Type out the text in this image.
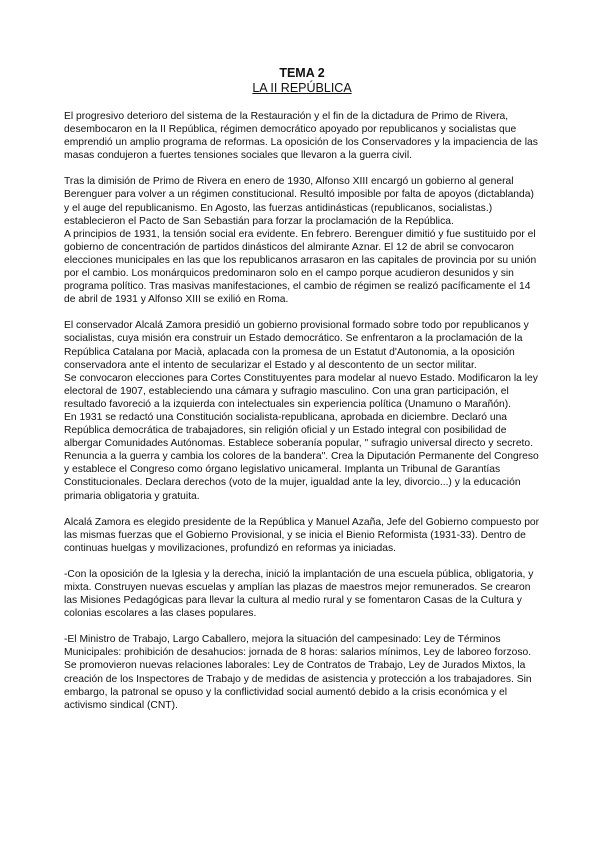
TEMA 2

LA II REPÚBLICA

El progresivo deterioro del sistema de la Restauración y el fin de la dictadura de Primo de Rivera, desembocaron en la II República, régimen democrático apoyado por republicanos y socialistas que emprendió un amplio programa de reformas. La oposición de los Conservadores y la impaciencia de las masas condujeron a fuertes tensiones sociales que llevaron a la guerra civil.

Tras la dimisión de Primo de Rivera en enero de 1930, Alfonso XIII encargó un gobierno al general Berenguer para volver a un régimen constitucional. Resultó imposible por falta de apoyos (dictablanda) y el auge del republicanismo. En Agosto, las fuerzas antidinásticas (republicanos, socialistas.) establecieron el Pacto de San Sebastián para forzar la proclamación de la República.

A principios de 1931, la tensión social era evidente. En febrero. Berenguer dimitió y fue sustituido por el gobierno de concentración de partidos dinásticos del almirante Aznar. El 12 de abril se convocaron elecciones municipales en las que los republicanos arrasaron en las capitales de provincia por su unión por el cambio. Los monárquicos predominaron solo en el campo porque acudieron desunidos y sin programa político. Tras masivas manifestaciones, el cambio de régimen se realizó pacíficamente el 14 de abril de 1931 y Alfonso XIII se exilió en Roma.

El conservador Alcalá Zamora presidió un gobierno provisional formado sobre todo por republicanos y socialistas, cuya misión era construir un Estado democrático. Se enfrentaron a la proclamación de la República Catalana por Macià, aplacada con la promesa de un Estatut d'Autonomia, a la oposición conservadora ante el intento de secularizar el Estado y al descontento de un sector militar.

Se convocaron elecciones para Cortes Constituyentes para modelar al nuevo Estado. Modificaron la ley electoral de 1907, estableciendo una cámara y sufragio masculino. Con una gran participación, el resultado favoreció a la izquierda con intelectuales sin experiencia política (Unamuno o Marañón).

En 1931 se redactó una Constitución socialista-republicana, aprobada en diciembre. Declaró una República democrática de trabajadores, sin religión oficial y un Estado integral con posibilidad de albergar Comunidades Autónomas. Establece soberanía popular, " sufragio universal directo y secreto. Renuncia a la guerra y cambia los colores de la bandera". Crea la Diputación Permanente del Congreso y establece el Congreso como órgano legislativo unicameral. Implanta un Tribunal de Garantías Constitucionales. Declara derechos (voto de la mujer, igualdad ante la ley, divorcio...) y la educación primaria obligatoria y gratuita.

Alcalá Zamora es elegido presidente de la República y Manuel Azaña, Jefe del Gobierno compuesto por las mismas fuerzas que el Gobierno Provisional, y se inicia el Bienio Reformista (1931-33). Dentro de continuas huelgas y movilizaciones, profundizó en reformas ya iniciadas.

-Con la oposición de la Iglesia y la derecha, inició la implantación de una escuela pública, obligatoria, y mixta. Construyen nuevas escuelas y amplían las plazas de maestros mejor remunerados. Se crearon las Misiones Pedagógicas para llevar la cultura al medio rural y se fomentaron Casas de la Cultura y colonias escolares a las clases populares.

-El Ministro de Trabajo, Largo Caballero, mejora la situación del campesinado: Ley de Términos Municipales: prohibición de desahucios: jornada de 8 horas: salarios mínimos, Ley de laboreo forzoso. Se promovieron nuevas relaciones laborales: Ley de Contratos de Trabajo, Ley de Jurados Mixtos, la creación de los Inspectores de Trabajo y de medidas de asistencia y protección a los trabajadores. Sin embargo, la patronal se opuso y la conflictividad social aumentó debido a la crisis económica y el activismo sindical (CNT).
